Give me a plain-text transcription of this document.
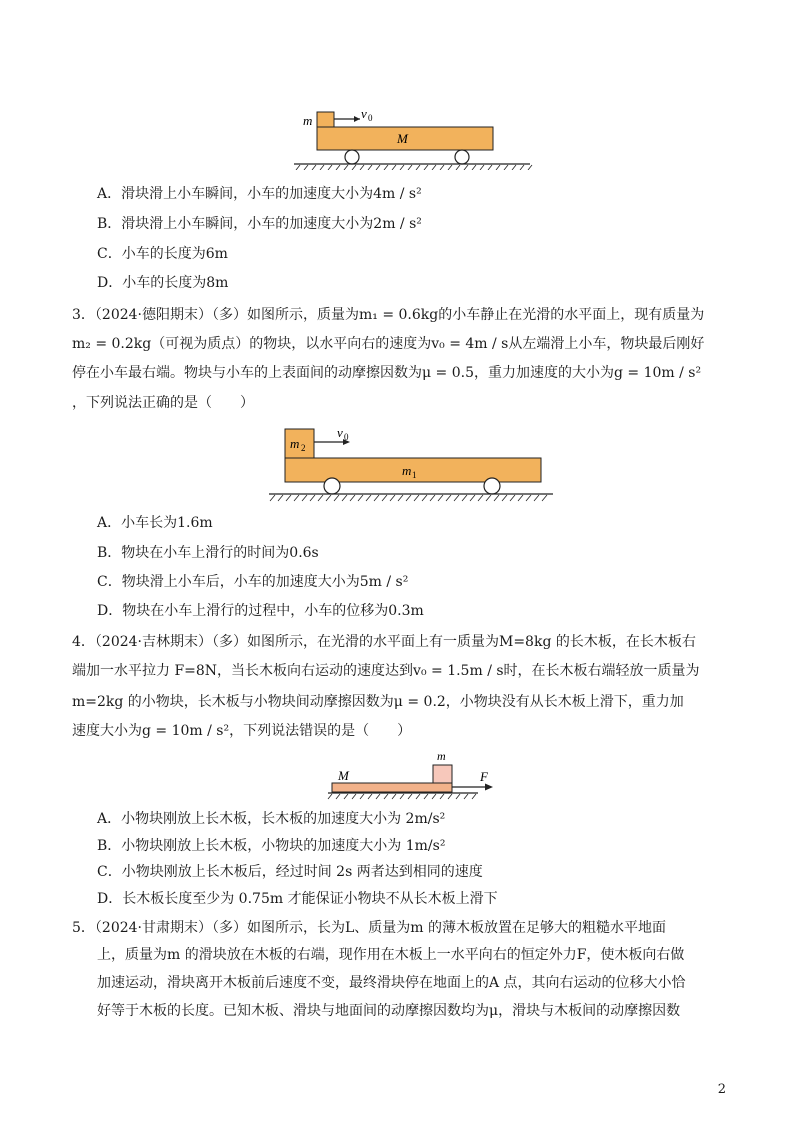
m	v 0
M
A．滑块滑上小车瞬间，小车的加速度大小为4m / s²
B．滑块滑上小车瞬间，小车的加速度大小为2m / s²
C．小车的长度为6m
D．小车的长度为8m
3．（2024·德阳期末）（多）如图所示，质量为m₁ = 0.6kg的小车静止在光滑的水平面上，现有质量为
m₂ = 0.2kg（可视为质点）的物块，以水平向右的速度为v₀ = 4m / s从左端滑上小车，物块最后刚好
停在小车最右端。物块与小车的上表面间的动摩擦因数为μ = 0.5，重力加速度的大小为g = 10m / s²
，下列说法正确的是（　　）
m 2
v 0
m 1
A．小车长为1.6m
B．物块在小车上滑行的时间为0.6s
C．物块滑上小车后，小车的加速度大小为5m / s²
D．物块在小车上滑行的过程中，小车的位移为0.3m
4．（2024·吉林期末）（多）如图所示，在光滑的水平面上有一质量为M=8kg 的长木板，在长木板右
端加一水平拉力 F=8N，当长木板向右运动的速度达到v₀ = 1.5m / s时，在长木板右端轻放一质量为
m=2kg 的小物块，长木板与小物块间动摩擦因数为μ = 0.2，小物块没有从长木板上滑下，重力加
速度大小为g = 10m / s²，下列说法错误的是（　　）
m
M	F
A．小物块刚放上长木板，长木板的加速度大小为 2m/s²
B．小物块刚放上长木板，小物块的加速度大小为 1m/s²
C．小物块刚放上长木板后，经过时间 2s 两者达到相同的速度
D．长木板长度至少为 0.75m 才能保证小物块不从长木板上滑下
5．（2024·甘肃期末）（多）如图所示，长为L、质量为m 的薄木板放置在足够大的粗糙水平地面
上，质量为m 的滑块放在木板的右端，现作用在木板上一水平向右的恒定外力F，使木板向右做
加速运动，滑块离开木板前后速度不变，最终滑块停在地面上的A 点，其向右运动的位移大小恰
好等于木板的长度。已知木板、滑块与地面间的动摩擦因数均为μ，滑块与木板间的动摩擦因数
2
